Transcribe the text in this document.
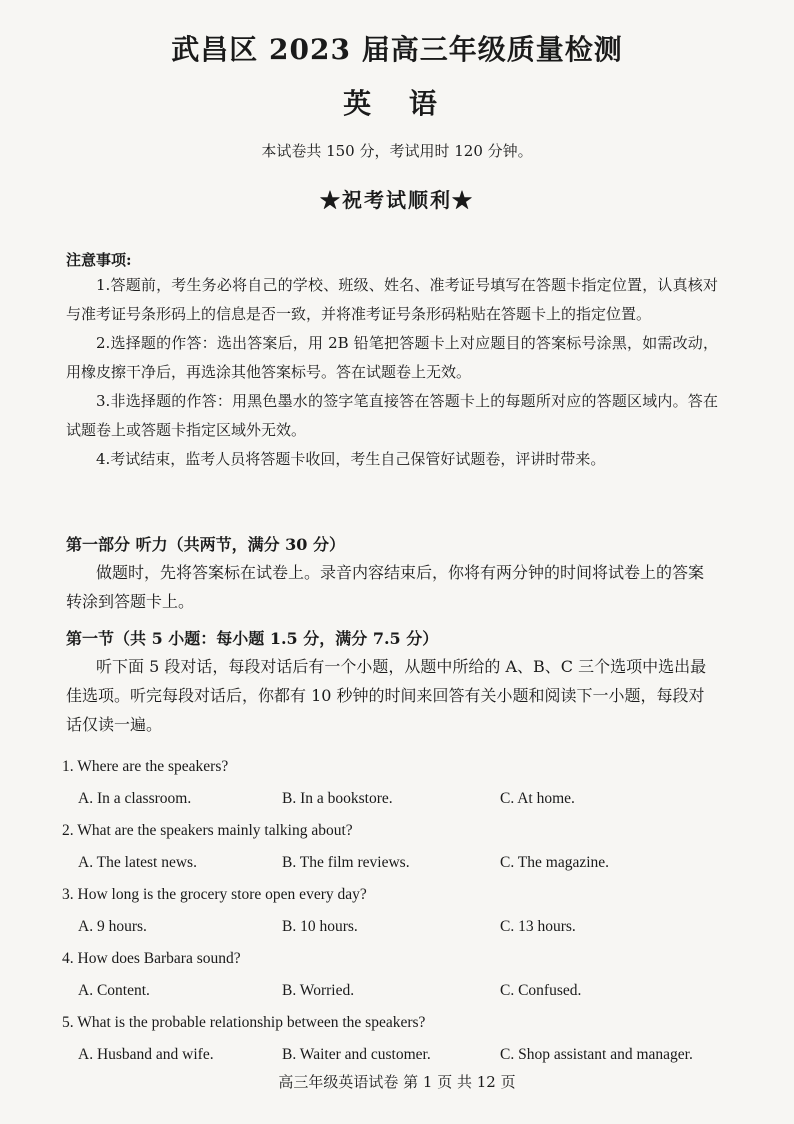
武昌区 2023 届高三年级质量检测
英 语
本试卷共 150 分，考试用时 120 分钟。
★祝考试顺利★
注意事项:
1.答题前，考生务必将自己的学校、班级、姓名、准考证号填写在答题卡指定位置，认真核对与准考证号条形码上的信息是否一致，并将准考证号条形码粘贴在答题卡上的指定位置。
2.选择题的作答：选出答案后，用 2B 铅笔把答题卡上对应题目的答案标号涂黑，如需改动，用橡皮擦干净后，再选涂其他答案标号。答在试题卷上无效。
3.非选择题的作答：用黑色墨水的签字笔直接答在答题卡上的每题所对应的答题区域内。答在试题卷上或答题卡指定区域外无效。
4.考试结束，监考人员将答题卡收回，考生自己保管好试题卷，评讲时带来。
第一部分 听力（共两节，满分 30 分）
做题时，先将答案标在试卷上。录音内容结束后，你将有两分钟的时间将试卷上的答案转涂到答题卡上。
第一节（共 5 小题：每小题 1.5 分，满分 7.5 分）
听下面 5 段对话，每段对话后有一个小题，从题中所给的 A、B、C 三个选项中选出最佳选项。听完每段对话后，你都有 10 秒钟的时间来回答有关小题和阅读下一小题，每段对话仅读一遍。

1. Where are the speakers?

A. In a classroom.	B. In a bookstore.	C. At home.

2. What are the speakers mainly talking about?

A. The latest news.	B. The film reviews.	C. The magazine.

3. How long is the grocery store open every day?

A. 9 hours.	B. 10 hours.	C. 13 hours.

4. How does Barbara sound?

A. Content.	B. Worried.	C. Confused.

5. What is the probable relationship between the speakers?

A. Husband and wife.	B. Waiter and customer.	C. Shop assistant and manager.
高三年级英语试卷 第 1 页 共 12 页
